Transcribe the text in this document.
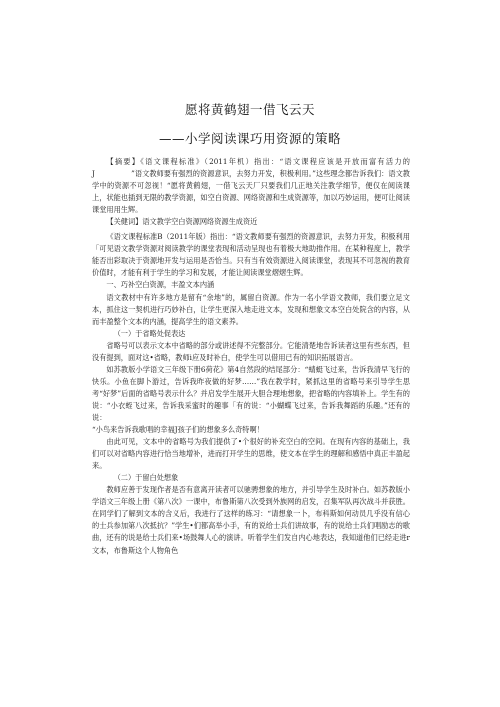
愿将黄鹤翅一借飞云天
——小学阅读课巧用资源的策略

【摘要】《语文课程标准》（2011年机）指出：“语文课程应该是开放而富有活力的J　　　　　”语文教师要有强烈的资源意识，去努力开发，积极利用。”这些理念都告诉我们：语文教学中的资源不可忽视！“愿将黄鹤翅，一借飞云天厂只要我们几正地关注教学细节，便仅在阅读课上，状能也插到无限的教学资源，如空白资源、网络资源和生成资源等，加以巧妙运用，便可让阅读课堂用用生辉。

【关健词】语文教学空白资源网络资源生成资近

《语文课程标准B（2011年版）指出：“语文教师要有强烈的资源意识，去努力开发，积极利用「可见语文教学资源对阅读教学的课堂表现和活动呈现也有着极大地助推作用。在某种程度上，教学能否出彩取决于资源地开发与运用是否恰当。只有当有效资源进入阅读课堂，表现其不可忽视的教育价值时，才能有利于学生的学习和发展，才能让阅读课堂熠熠生辉。

一、巧补空白资源，丰盈文本内涵

语文教材中有许多地方是留有“余地”的，属留白资源。作为一名小学语文教师，我们要立足文本，抓住这一契机进行巧妙补白，让学生更深入地走进文本，发现和想象文本空白处院含的内容，从而丰盈整个文本的内涵，提高学生的语文素养。

（一）于省略处促表达

省略号可以表示文本中省略的部分或讲述得不完整部分。它能清楚地告诉读者这里有些东西，但没有提到，面对这•省略，教师i应及时补白，使学生可以借用已有的知识拓展语言。

如苏教版小学语文三年级下册6荷花》第4自然段的结尾部分：“蜻蜓飞过来，告诉我清早飞行的快乐。小鱼在脚卜游过，告诉我昨夜做的好梦……”我在教学时，紧抓这里的省略号来引导学生思考“好梦”后面的省略号表示什么？并启发学生展开大胆合理地想象，把省略的内容填补上。学生有的说：“小衣蛭飞过来，告诉我采蜜时的趣事「有的说：“小蝴蝶飞过来，告诉我舞蹈的乐趣。”还有的说：

“小鸟来告诉我歌唱的幸福J孩子们的想象多么奇特啊！

由此可见，文本中的省略号为我们提供了•个很好的补充空白的空间。在现有内容的基础上，我们可以对省略内容进行恰当地增补，进而打开学生的思维，使文本在学生的理解和感悟中真正丰盈起来。

（二）于留白处想象

教师应善于发现作者是否有意离开读者可以驰骋想象的地方，并引导学生及时补白。如苏教版小学语文三年级上册《第八次》一课中，布鲁斯第八次受到外族网的启发，召集军队再次战斗并获胜。在同学们了解到文本的含义后，我进行了这样的练习：“请想象一卜，布科斯如何动员几乎没有信心的士兵参加第八次抵抗？”学生•们都高举小手，有的说给士兵们讲故事，有的说给士兵们唱励志的歌曲，还有的说是给士兵们来•场鼓舞人心的演讲。听着学生们发自内心地表达，我知道他们已经走进r文本，布鲁斯这个人物角色
